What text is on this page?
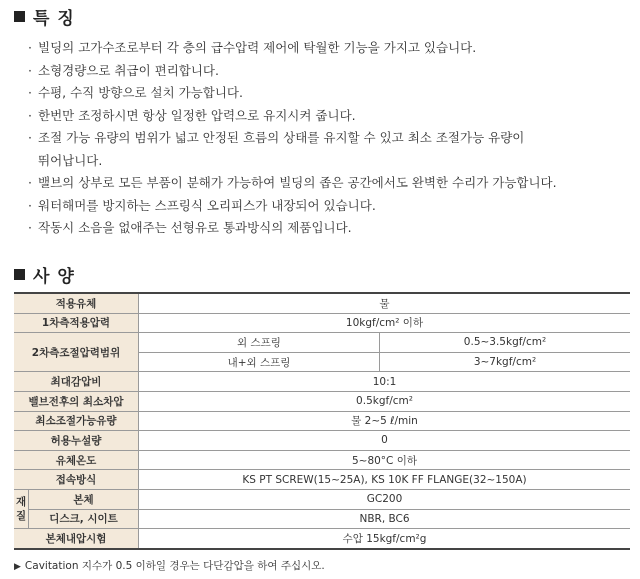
특 징
· 빌딩의 고가수조로부터 각 층의 급수압력 제어에 탁월한 기능을 가지고 있습니다.
· 소형경량으로 취급이 편리합니다.
· 수평, 수직 방향으로 설치 가능합니다.
· 한번만 조정하시면 항상 일정한 압력으로 유지시켜 줍니다.
· 조절 가능 유량의 범위가 넓고 안정된 흐름의 상태를 유지할 수 있고 최소 조절가능 유량이
뛰어납니다.
· 밸브의 상부로 모든 부품이 분해가 가능하여 빌딩의 좁은 공간에서도 완벽한 수리가 가능합니다.
· 워터해머를 방지하는 스프링식 오리피스가 내장되어 있습니다.
· 작동시 소음을 없애주는 선형유로 통과방식의 제품입니다.
사 양
적용유체		물	
1차측적용압력		10kgf/cm² 이하	
2차측조절압력범위		외 스프링	0.5~3.5kgf/cm²
		내+외 스프링	3~7kgf/cm²
최대감압비		10:1	
밸브전후의 최소차압		0.5kgf/cm²	
최소조절가능유량		물 2~5 ℓ/min	
허용누설량		0	
유체온도		5~80°C 이하	
접속방식		KS PT SCREW(15~25A), KS 10K FF FLANGE(32~150A)	

재질	본체	GC200	
	디스크, 시이트	NBR, BC6	
본체내압시험		수압 15kgf/cm²g	
▶ Cavitation 지수가 0.5 이하일 경우는 다단감압을 하여 주십시오.
